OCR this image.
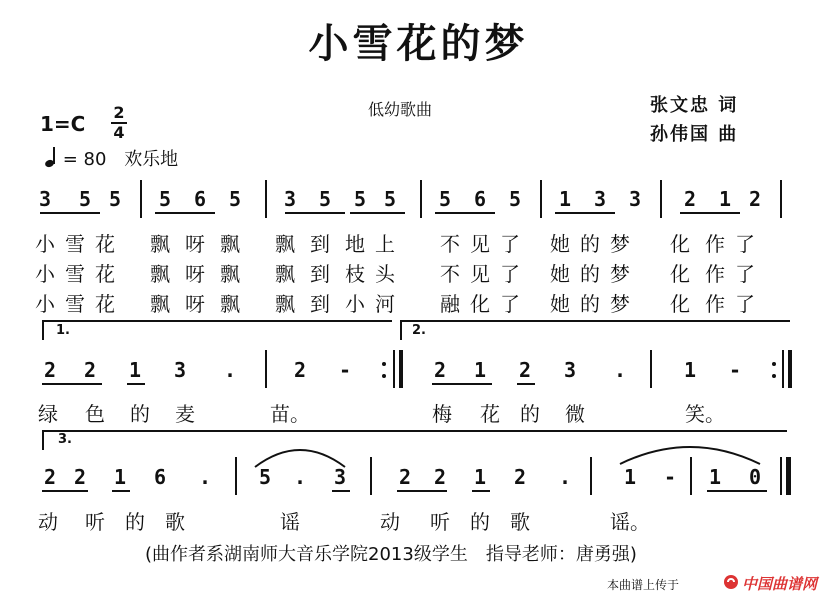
小雪花的梦
低幼歌曲	张文忠 词
孙伟国 曲
1=C 2
4
= 80 欢乐地
3 5 5 5 6 5 3 5 5 5 5 6 5 1 3 3 2 1 2
小 雪 花 飘 呀 飘 飘 到 地 上 不 见 了 她 的 梦 化 作 了
小 雪 花 飘 呀 飘 飘 到 枝 头 不 见 了 她 的 梦 化 作 了
小 雪 花 飘 呀 飘 飘 到 小 河 融 化 了 她 的 梦 化 作 了
1.	2.
2 2 1 3 .	2 -	2 1 2 3 .	1 -
绿 色 的 麦	苗。	梅 花 的 微	笑。
3.
2 2 1 6 . 5 . 3	2 2 1 2 .	1 - 1 0
动 听 的 歌	谣	动 听 的 歌	谣。
(曲作者系湖南师大音乐学院2013级学生　指导老师：唐勇强)
本曲谱上传于	中国曲谱网
